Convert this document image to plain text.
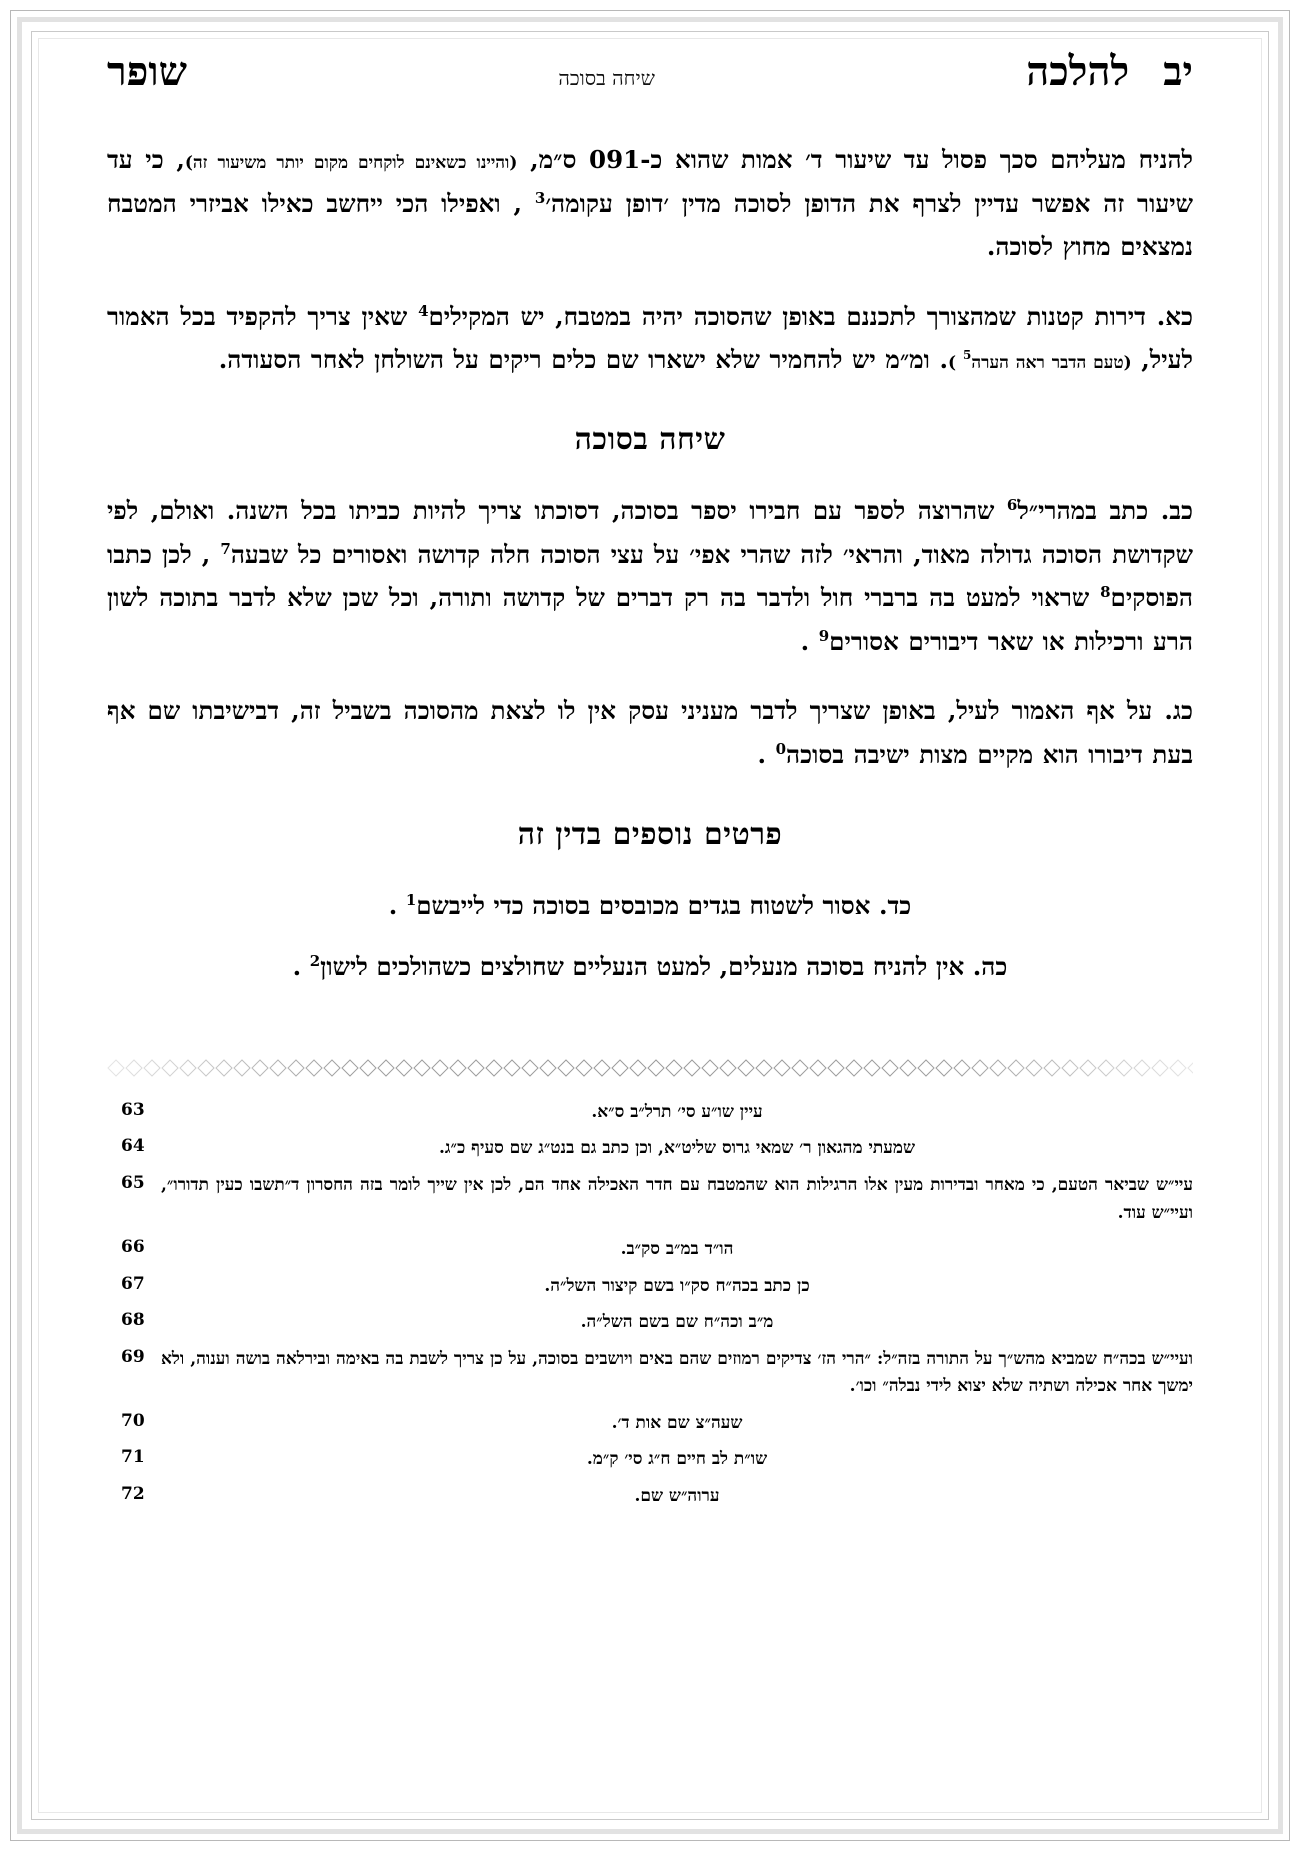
יב
להלכה
שיחה בסוכה
שופר

להניח מעליהם סכך פסול עד שיעור ד׳ אמות שהוא כ-091 ס״מ, (והיינו כשאינם לוקחים מקום יותר משיעור זה), כי עד שיעור זה אפשר עדיין לצרף את הדופן לסוכה מדין ׳דופן עקומה׳$^3$ , ואפילו הכי ייחשב כאילו אביזרי המטבח נמצאים מחוץ לסוכה.

כא. דירות קטנות שמהצורך לתכננם באופן שהסוכה יהיה במטבח, יש המקילים$^4$ שאין צריך להקפיד בכל האמור לעיל, (טעם הדבר ראה הערה$^5$ ). ומ״מ יש להחמיר שלא ישארו שם כלים ריקים על השולחן לאחר הסעודה.

שיחה בסוכה

כב. כתב במהרי״ל$^6$ שהרוצה לספר עם חבירו יספר בסוכה, דסוכתו צריך להיות כביתו בכל השנה. ואולם, לפי שקדושת הסוכה גדולה מאוד, והראי׳ לזה שהרי אפי׳ על עצי הסוכה חלה קדושה ואסורים כל שבעה$^7$ , לכן כתבו הפוסקים$^8$ שראוי למעט בה ברברי חול ולדבר בה רק דברים של קדושה ותורה, וכל שכן שלא לדבר בתוכה לשון הרע ורכילות או שאר דיבורים אסורים$^9$ .

כג. על אף האמור לעיל, באופן שצריך לדבר מעניני עסק אין לו לצאת מהסוכה בשביל זה, דבישיבתו שם אף בעת דיבורו הוא מקיים מצות ישיבה בסוכה$^0$ .

פרטים נוספים בדין זה

כד. אסור לשטוח בגדים מכובסים בסוכה כדי לייבשם$^1$ .

כה. אין להניח בסוכה מנעלים, למעט הנעליים שחולצים כשהולכים לישון$^2$ .

63	עיין שו״ע סי׳ תרל״ב ס״א.
64	שמעתי מהגאון ר׳ שמאי גרוס שליט״א, וכן כתב גם בנט״ג שם סעיף כ״ג.
65 עיי״ש שביאר הטעם, כי מאחר ובדירות מעין אלו הרגילות הוא שהמטבח עם חדר האכילה אחד הם, לכן אין שייך לומר בזה החסרון ד״תשבו כעין תדורו״, ועיי״ש עוד.
66	הו״ד במ״ב סק״ב.
67	כן כתב בכה״ח סק״ו בשם קיצור השל״ה.
68	מ״ב וכה״ח שם בשם השל״ה.
69 ועיי״ש בכה״ח שמביא מהש״ך על התורה בזה״ל: ״הרי הז׳ צדיקים רמוזים שהם באים ויושבים בסוכה, על כן צריך לשבת בה באימה ובירלאה בושה וענוה, ולא ימשך אחר אכילה ושתיה שלא יצוא לידי נבלה״ וכו׳.
70	שעה״צ שם אות ד׳.
71	שו״ת לב חיים ח״ג סי׳ ק״מ.
72	ערוה״ש שם.
